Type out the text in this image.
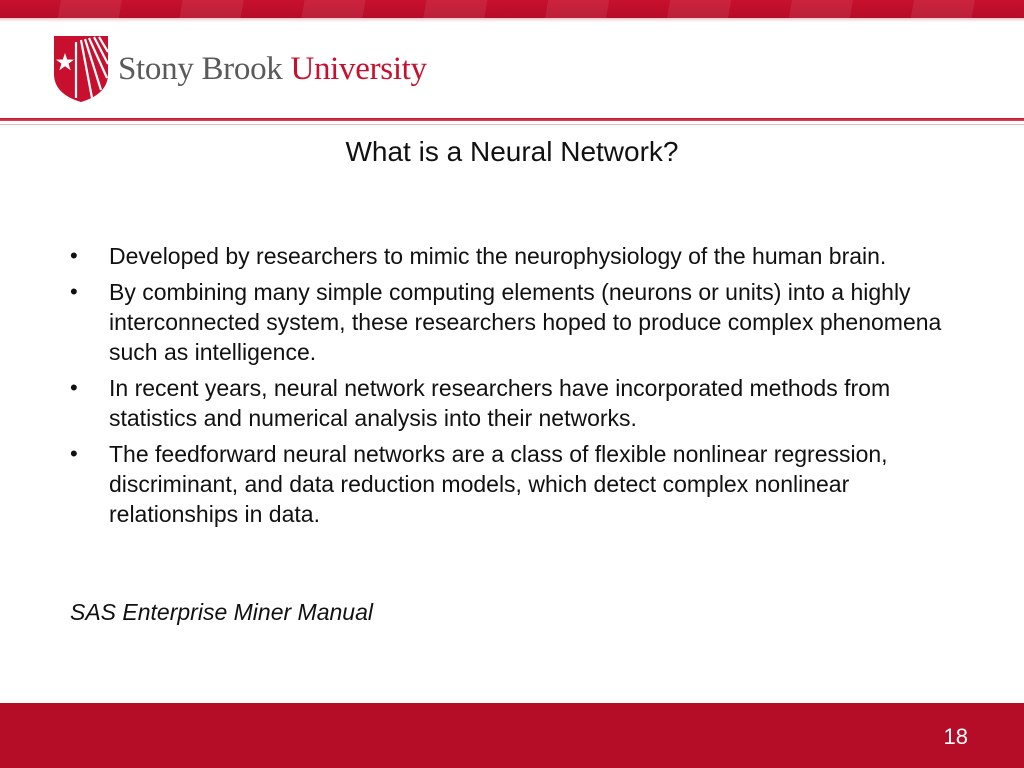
Stony Brook University
What is a Neural Network?
• Developed by researchers to mimic the neurophysiology of the human brain.
• By combining many simple computing elements (neurons or units) into a highly interconnected system, these researchers hoped to produce complex phenomena such as intelligence.
• In recent years, neural network researchers have incorporated methods from statistics and numerical analysis into their networks.
• The feedforward neural networks are a class of flexible nonlinear regression, discriminant, and data reduction models, which detect complex nonlinear relationships in data.
SAS Enterprise Miner Manual
18
